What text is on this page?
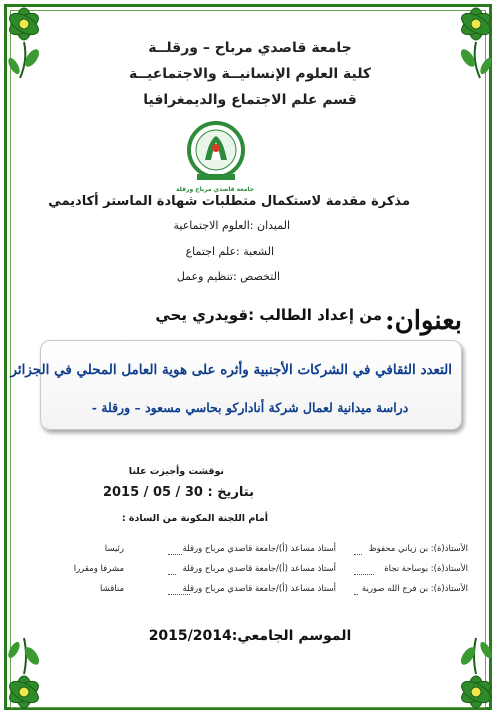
جامعة قاصدي مرباح – ورقلــة
كلية العلوم الإنسانيــة والاجتماعيــة
قسم علم الاجتماع والديمغرافيا
جامعة قاصدي مرباح ورقلة
مذكرة مقدمة لاستكمال متطلبات شهادة الماستر أكاديمي
الميدان :العلوم الاجتماعية
الشعبة :علم اجتماع
التخصص :تنظيم وعمل
بعنوان:
من إعداد الطالب :قويدري يحي
التعدد الثقافي في الشركات الأجنبية وأثره على هوية العامل المحلي في الجزائر
دراسة ميدانية لعمال شركة أناداركو بحاسي مسعود – ورقلة -
نوقشت وأجيزت علنا
بتاريخ : 30 / 05 / 2015
أمام اللجنة المكونة من السادة :
الأستاذ(ة): بن زياني محفوظ
أستاذ مساعد (أ)/جامعة قاصدي مرباح ورقلة
رئيسا
الأستاذ(ة): بوساحة نجاة
أستاذ مساعد (أ)/جامعة قاصدي مرباح ورقلة
مشرفا ومقررا
الأستاذ(ة): بن فرج الله صورية
أستاذ مساعد (أ)/جامعة قاصدي مرباح ورقلة
مناقشا
الموسم الجامعي:2015/2014
